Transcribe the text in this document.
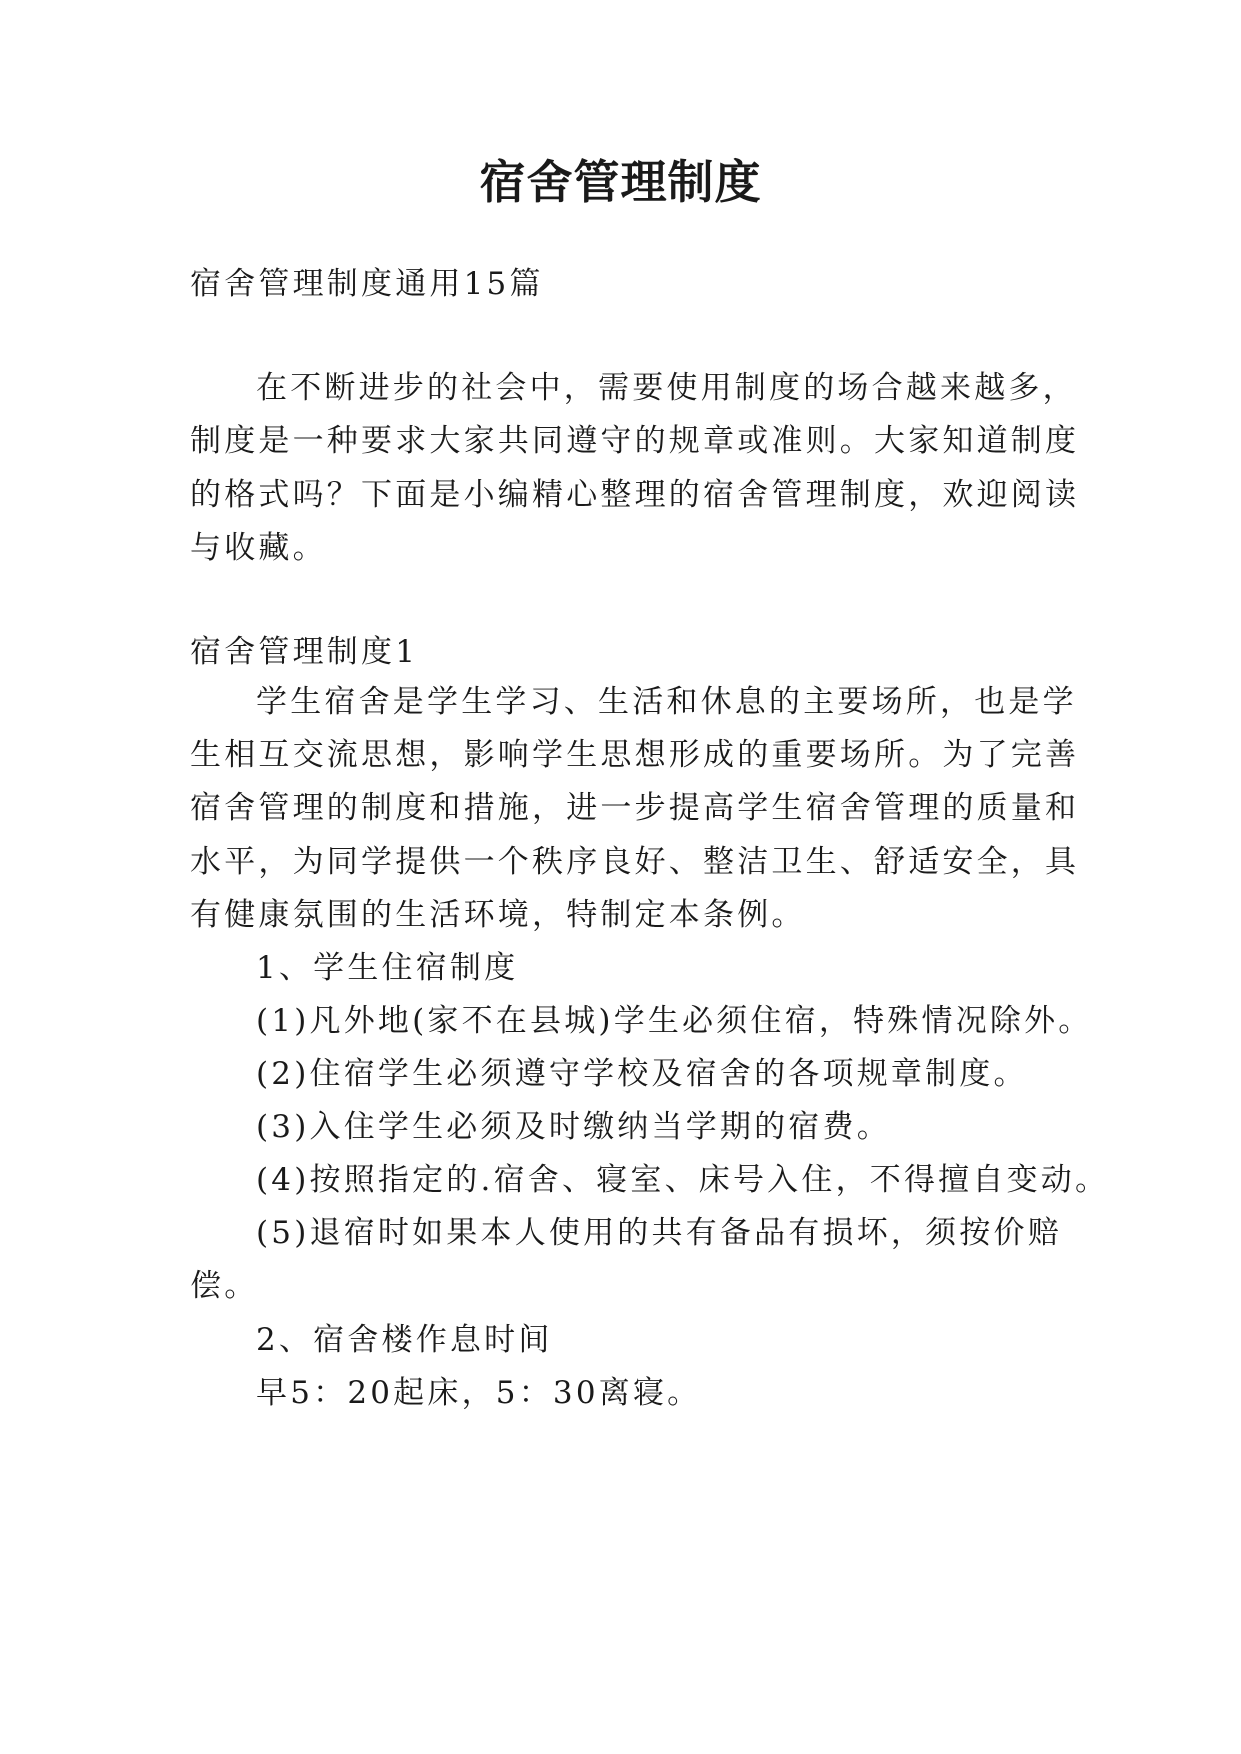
宿舍管理制度
宿舍管理制度通用15篇
在不断进步的社会中，需要使用制度的场合越来越多，
制度是一种要求大家共同遵守的规章或准则。大家知道制度
的格式吗？下面是小编精心整理的宿舍管理制度，欢迎阅读
与收藏。
宿舍管理制度1
学生宿舍是学生学习、生活和休息的主要场所，也是学
生相互交流思想，影响学生思想形成的重要场所。为了完善
宿舍管理的制度和措施，进一步提高学生宿舍管理的质量和
水平，为同学提供一个秩序良好、整洁卫生、舒适安全，具
有健康氛围的生活环境，特制定本条例。
1、学生住宿制度
(1)凡外地(家不在县城)学生必须住宿，特殊情况除外。
(2)住宿学生必须遵守学校及宿舍的各项规章制度。
(3)入住学生必须及时缴纳当学期的宿费。
(4)按照指定的.宿舍、寝室、床号入住，不得擅自变动。
(5)退宿时如果本人使用的共有备品有损坏，须按价赔
偿。
2、宿舍楼作息时间
早5：20起床，5：30离寝。
